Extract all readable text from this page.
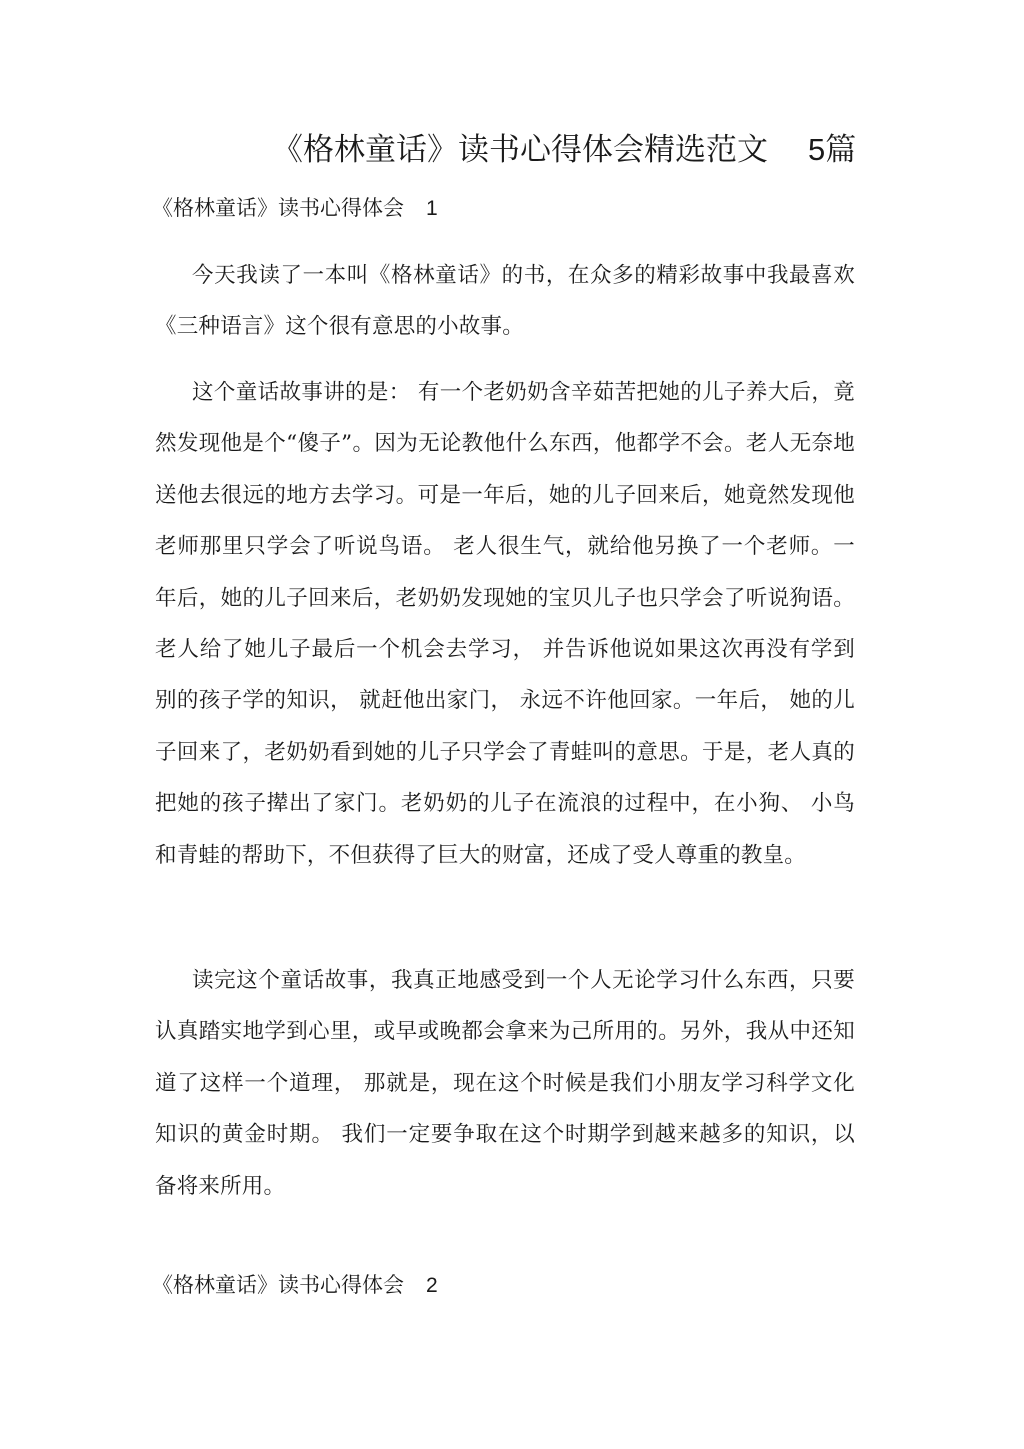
《格林童话》读书心得体会精选范文 5篇
《格林童话》读书心得体会 1

今天我读了一本叫《格林童话》的书，在众多的精彩故事中我最喜欢《三种语言》这个很有意思的小故事。

这个童话故事讲的是： 有一个老奶奶含辛茹苦把她的儿子养大后，竟然发现他是个“傻子”。因为无论教他什么东西，他都学不会。老人无奈地送他去很远的地方去学习。可是一年后，她的儿子回来后，她竟然发现他老师那里只学会了听说鸟语。 老人很生气，就给他另换了一个老师。一年后，她的儿子回来后，老奶奶发现她的宝贝儿子也只学会了听说狗语。 老人给了她儿子最后一个机会去学习， 并告诉他说如果这次再没有学到别的孩子学的知识， 就赶他出家门， 永远不许他回家。一年后， 她的儿子回来了，老奶奶看到她的儿子只学会了青蛙叫的意思。于是，老人真的把她的孩子撵出了家门。老奶奶的儿子在流浪的过程中，在小狗、 小鸟和青蛙的帮助下，不但获得了巨大的财富，还成了受人尊重的教皇。

读完这个童话故事，我真正地感受到一个人无论学习什么东西，只要认真踏实地学到心里，或早或晚都会拿来为己所用的。另外，我从中还知道了这样一个道理， 那就是，现在这个时候是我们小朋友学习科学文化知识的黄金时期。 我们一定要争取在这个时期学到越来越多的知识，以备将来所用。

《格林童话》读书心得体会 2
